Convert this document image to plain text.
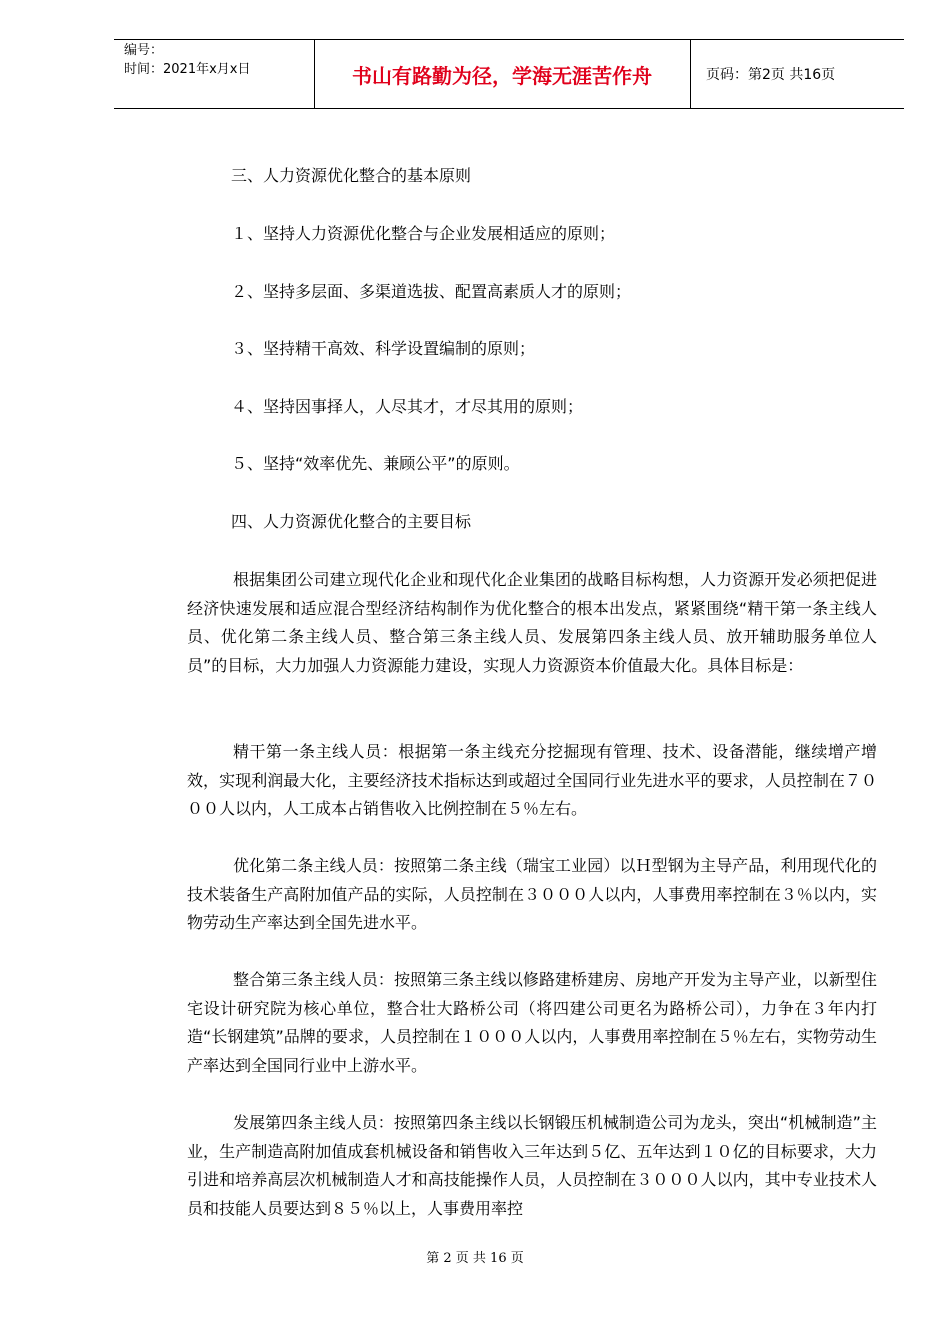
编号：
时间：2021年x月x日	书山有路勤为径，学海无涯苦作舟	页码：第2页 共16页
三、人力资源优化整合的基本原则
１、坚持人力资源优化整合与企业发展相适应的原则；
２、坚持多层面、多渠道选拔、配置高素质人才的原则；
３、坚持精干高效、科学设置编制的原则；
４、坚持因事择人，人尽其才，才尽其用的原则；
５、坚持“效率优先、兼顾公平”的原则。
四、人力资源优化整合的主要目标
根据集团公司建立现代化企业和现代化企业集团的战略目标构想，人力资源开发必须把促进经济快速发展和适应混合型经济结构制作为优化整合的根本出发点，紧紧围绕“精干第一条主线人员、优化第二条主线人员、整合第三条主线人员、发展第四条主线人员、放开辅助服务单位人员”的目标，大力加强人力资源能力建设，实现人力资源资本价值最大化。具体目标是：
精干第一条主线人员：根据第一条主线充分挖掘现有管理、技术、设备潜能，继续增产增效，实现利润最大化，主要经济技术指标达到或超过全国同行业先进水平的要求，人员控制在７０００人以内，人工成本占销售收入比例控制在５％左右。
优化第二条主线人员：按照第二条主线（瑞宝工业园）以Ｈ型钢为主导产品，利用现代化的技术装备生产高附加值产品的实际，人员控制在３０００人以内，人事费用率控制在３％以内，实物劳动生产率达到全国先进水平。
整合第三条主线人员：按照第三条主线以修路建桥建房、房地产开发为主导产业，以新型住宅设计研究院为核心单位，整合壮大路桥公司（将四建公司更名为路桥公司），力争在３年内打造“长钢建筑”品牌的要求，人员控制在１０００人以内，人事费用率控制在５％左右，实物劳动生产率达到全国同行业中上游水平。
发展第四条主线人员：按照第四条主线以长钢锻压机械制造公司为龙头，突出“机械制造”主业，生产制造高附加值成套机械设备和销售收入三年达到５亿、五年达到１０亿的目标要求，大力引进和培养高层次机械制造人才和高技能操作人员，人员控制在３０００人以内，其中专业技术人员和技能人员要达到８５％以上，人事费用率控
第 2 页 共 16 页
